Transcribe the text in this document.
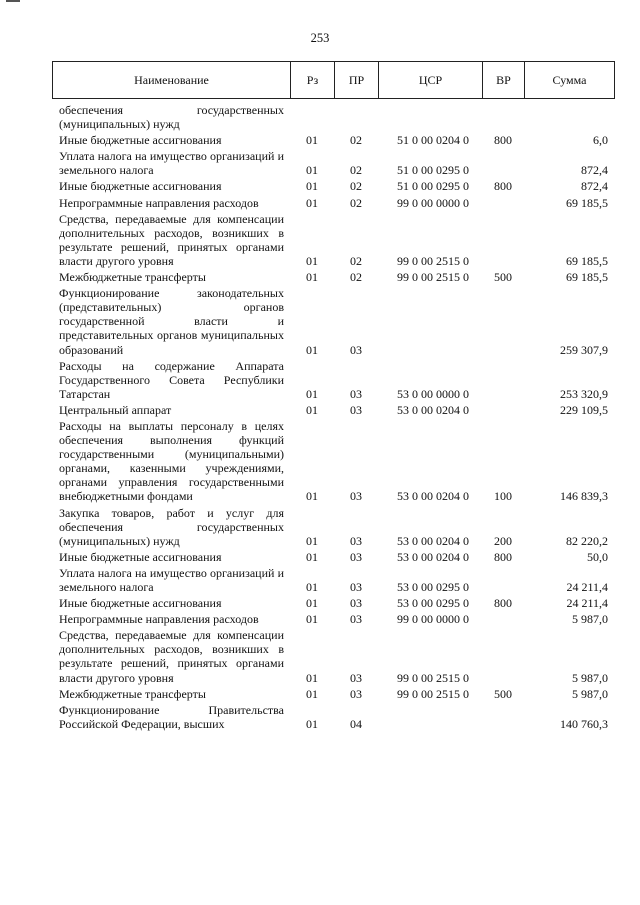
253
Наименование	Рз	ПР	ЦСР	ВР	Сумма
обеспечения государственных (муниципальных) нужд					
Иные бюджетные ассигнования	01	02	51 0 00 0204 0	800	6,0
Уплата налога на имущество организаций и земельного налога	01	02	51 0 00 0295 0		872,4
Иные бюджетные ассигнования	01	02	51 0 00 0295 0	800	872,4
Непрограммные направления расходов	01	02	99 0 00 0000 0		69 185,5
Средства, передаваемые для компенсации дополнительных расходов, возникших в результате решений, принятых органами власти другого уровня	01	02	99 0 00 2515 0		69 185,5
Межбюджетные трансферты	01	02	99 0 00 2515 0	500	69 185,5
Функционирование законодательных (представительных) органов государственной власти и представительных органов муниципальных образований	01	03			259 307,9
Расходы на содержание Аппарата Государственного Совета Республики Татарстан	01	03	53 0 00 0000 0		253 320,9
Центральный аппарат	01	03	53 0 00 0204 0		229 109,5
Расходы на выплаты персоналу в целях обеспечения выполнения функций государственными (муниципальными) органами, казенными учреждениями, органами управления государственными внебюджетными фондами	01	03	53 0 00 0204 0	100	146 839,3
Закупка товаров, работ и услуг для обеспечения государственных (муниципальных) нужд	01	03	53 0 00 0204 0	200	82 220,2
Иные бюджетные ассигнования	01	03	53 0 00 0204 0	800	50,0
Уплата налога на имущество организаций и земельного налога	01	03	53 0 00 0295 0		24 211,4
Иные бюджетные ассигнования	01	03	53 0 00 0295 0	800	24 211,4
Непрограммные направления расходов	01	03	99 0 00 0000 0		5 987,0
Средства, передаваемые для компенсации дополнительных расходов, возникших в результате решений, принятых органами власти другого уровня	01	03	99 0 00 2515 0		5 987,0
Межбюджетные трансферты	01	03	99 0 00 2515 0	500	5 987,0
Функционирование Правительства Российской Федерации, высших	01	04			140 760,3
